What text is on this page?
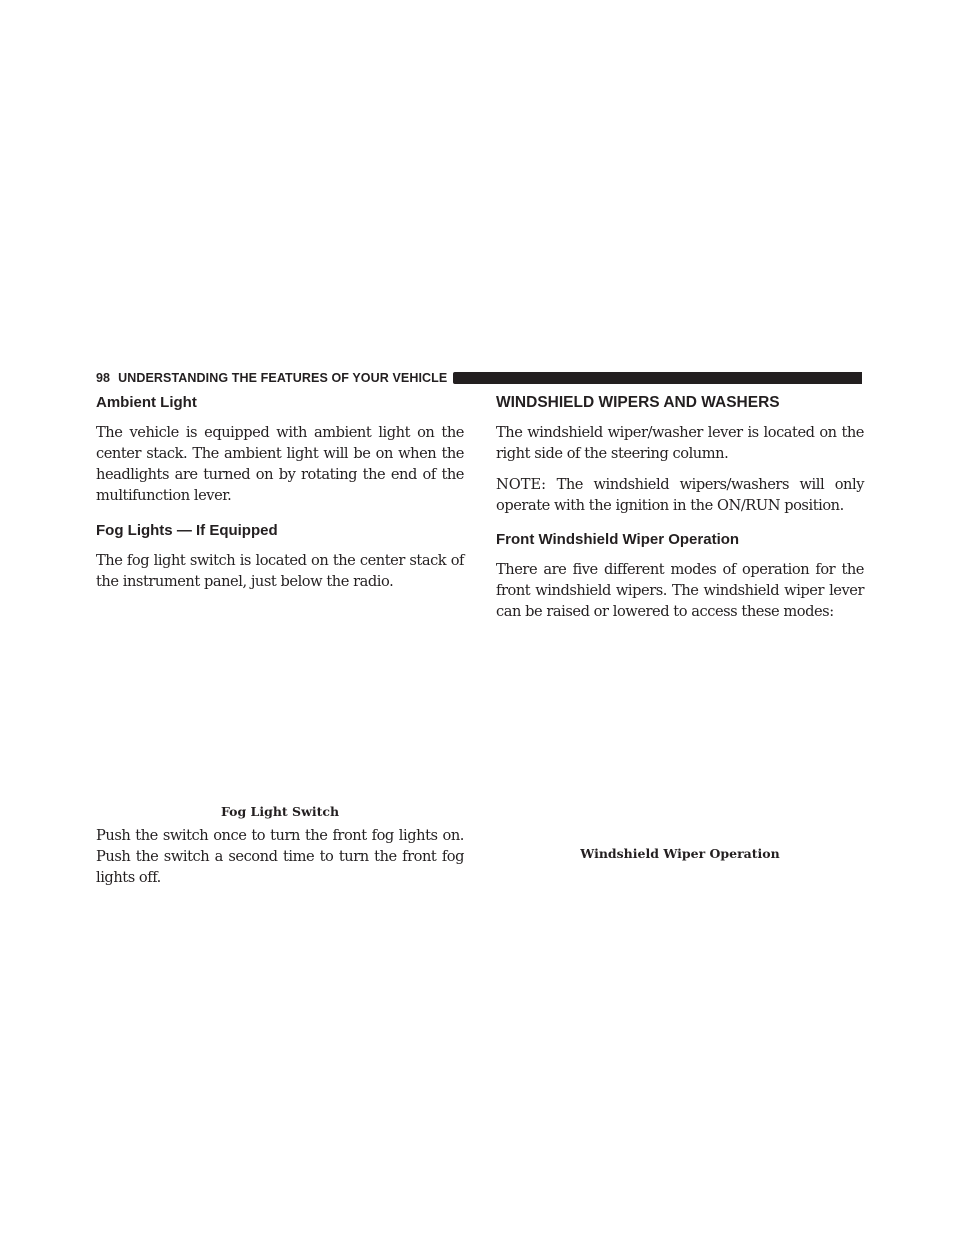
98 UNDERSTANDING THE FEATURES OF YOUR VEHICLE
Ambient Light

The vehicle is equipped with ambient light on the center stack. The ambient light will be on when the headlights are turned on by rotating the end of the multifunction lever.

Fog Lights — If Equipped

The fog light switch is located on the center stack of the instrument panel, just below the radio.

Fog Light Switch

Push the switch once to turn the front fog lights on. Push the switch a second time to turn the front fog lights off.

WINDSHIELD WIPERS AND WASHERS

The windshield wiper/washer lever is located on the right side of the steering column.

NOTE: The windshield wipers/washers will only operate with the ignition in the ON/RUN position.

Front Windshield Wiper Operation

There are five different modes of operation for the front windshield wipers. The windshield wiper lever can be raised or lowered to access these modes:

Windshield Wiper Operation
